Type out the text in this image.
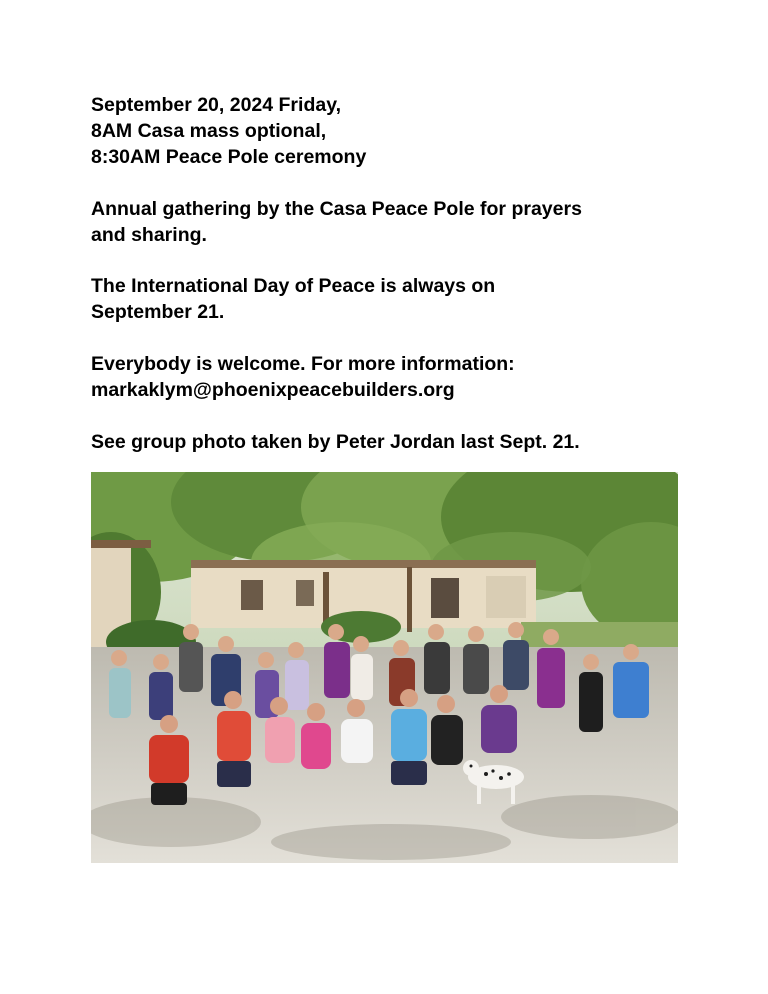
September 20, 2024 Friday,
8AM Casa mass optional,
8:30AM Peace Pole ceremony

Annual gathering by the Casa Peace Pole for prayers
and sharing.

The International Day of Peace is always on
September 21.

Everybody is welcome. For more information:
markaklym@phoenixpeacebuilders.org

See group photo taken by Peter Jordan last Sept. 21.
